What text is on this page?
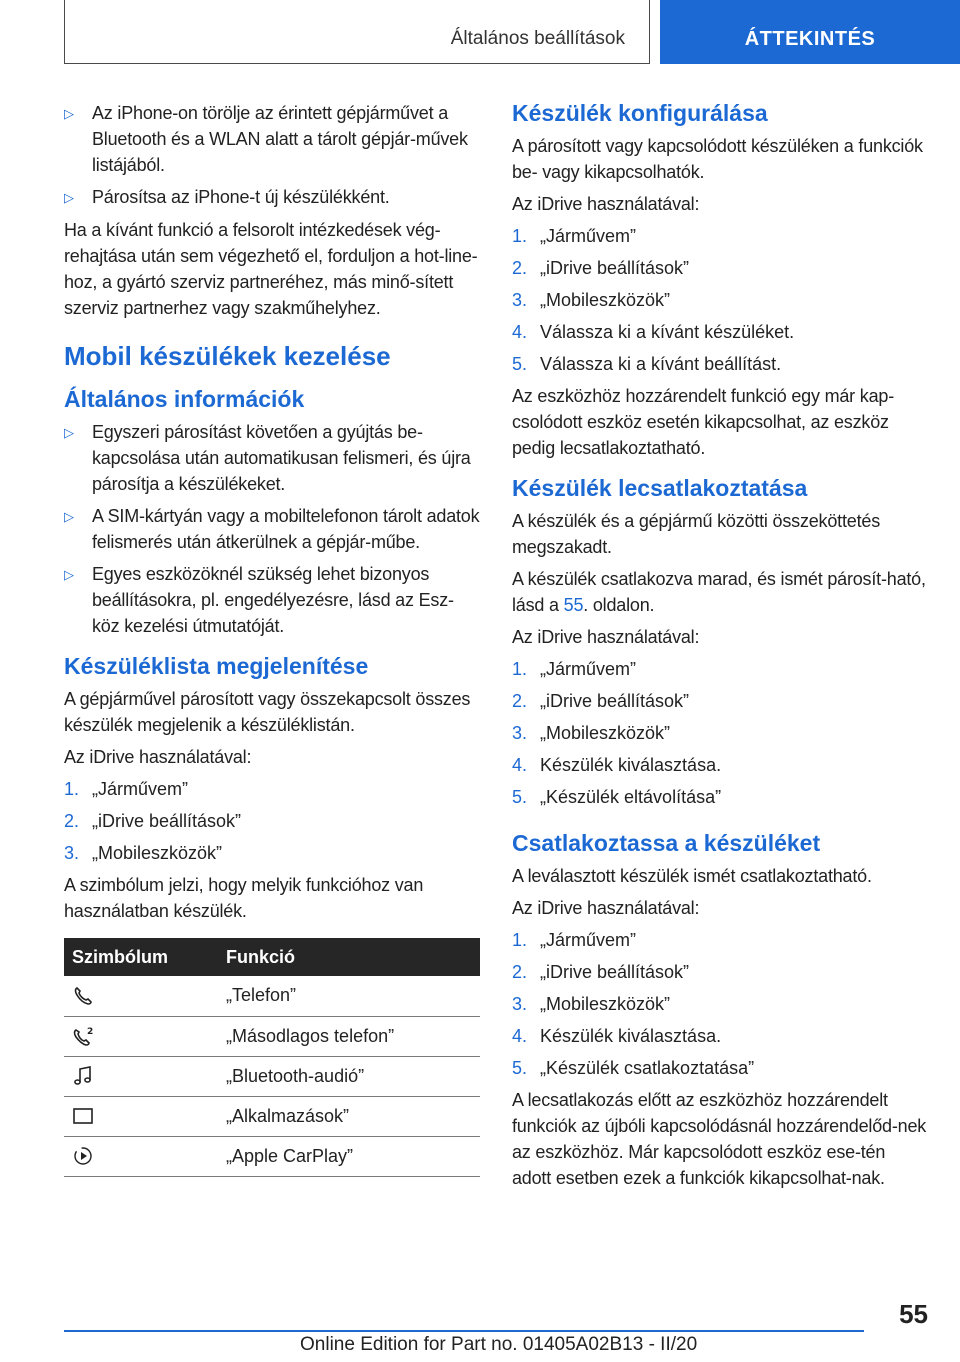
Általános beállítások	ÁTTEKINTÉS
▷	Az iPhone-on törölje az érintett gépjárművet a Bluetooth és a WLAN alatt a tárolt gépjár-művek listájából.
▷	Párosítsa az iPhone-t új készülékként.

Ha a kívánt funkció a felsorolt intézkedések vég-rehajtása után sem végezhető el, forduljon a hot-line-hoz, a gyártó szerviz partneréhez, más minő-sített szerviz partnerhez vagy szakműhelyhez.

Mobil készülékek kezelése
Általános információk
▷	Egyszeri párosítást követően a gyújtás be-kapcsolása után automatikusan felismeri, és újra párosítja a készülékeket.
▷	A SIM-kártyán vagy a mobiltelefonon tárolt adatok felismerés után átkerülnek a gépjár-műbe.
▷	Egyes eszközöknél szükség lehet bizonyos beállításokra, pl. engedélyezésre, lásd az Esz-köz kezelési útmutatóját.
Készüléklista megjelenítése

A gépjárművel párosított vagy összekapcsolt összes készülék megjelenik a készüléklistán.

Az iDrive használatával:

1. „Járművem”
2. „iDrive beállítások”
3. „Mobileszközök”

A szimbólum jelzi, hogy melyik funkcióhoz van használatban készülék.

Szimbólum	Funkció
	„Telefon”

2	„Másodlagos telefon”
	„Bluetooth-audió”
	„Alkalmazások”
	„Apple CarPlay”
Készülék konfigurálása

A párosított vagy kapcsolódott készüléken a funkciók be- vagy kikapcsolhatók.

Az iDrive használatával:

1. „Járművem”
2. „iDrive beállítások”
3. „Mobileszközök”
4. Válassza ki a kívánt készüléket.
5. Válassza ki a kívánt beállítást.

Az eszközhöz hozzárendelt funkció egy már kap-csolódott eszköz esetén kikapcsolhat, az eszköz pedig lecsatlakoztatható.

Készülék lecsatlakoztatása

A készülék és a gépjármű közötti összeköttetés megszakadt.

A készülék csatlakozva marad, és ismét párosít-ható, lásd a 55. oldalon.

Az iDrive használatával:

1. „Járművem”
2. „iDrive beállítások”
3. „Mobileszközök”
4. Készülék kiválasztása.
5. „Készülék eltávolítása”
Csatlakoztassa a készüléket

A leválasztott készülék ismét csatlakoztatható.

Az iDrive használatával:

1. „Járművem”
2. „iDrive beállítások”
3. „Mobileszközök”
4. Készülék kiválasztása.
5. „Készülék csatlakoztatása”

A lecsatlakozás előtt az eszközhöz hozzárendelt funkciók az újbóli kapcsolódásnál hozzárendelőd-nek az eszközhöz. Már kapcsolódott eszköz ese-tén adott esetben ezek a funkciók kikapcsolhat-nak.

55
Online Edition for Part no. 01405A02B13 - II/20
